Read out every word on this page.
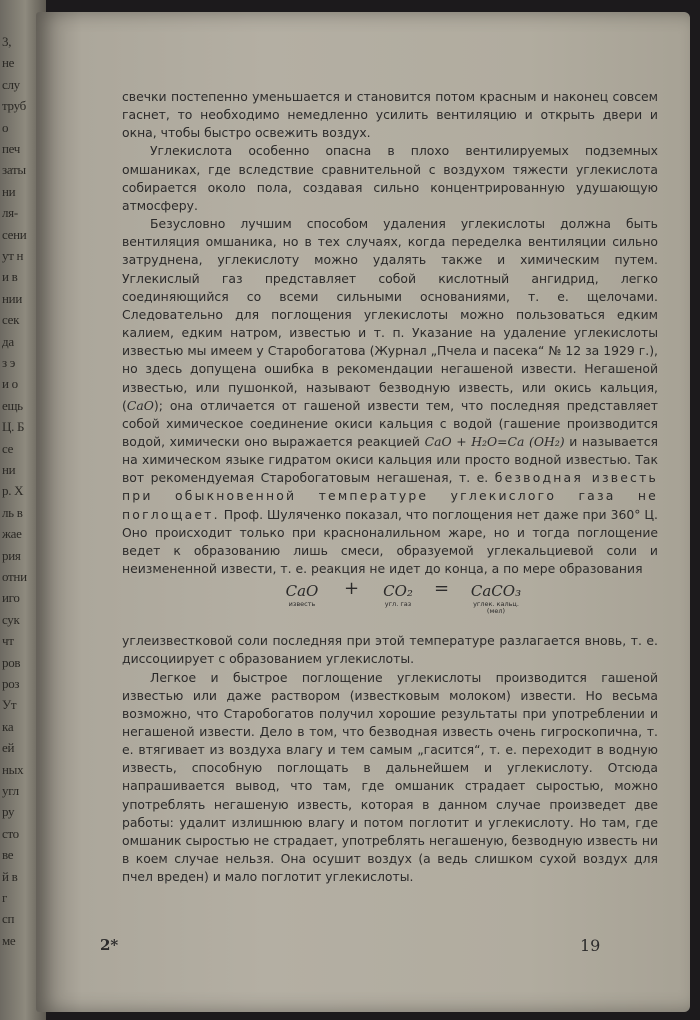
3,
не
слу
труб
о
печ
заты
ни
ля-
сени
ут н
и в
нии
сек
да
з э
и о
ещь
Ц. Б
се
ни
р. Х
ль в
жае
рия
отни
иго
сук
чт
ров
роз
Ут
ка
ей
ных
угл
ру
сто
ве
й в
г
сп
ме

свечки постепенно уменьшается и становится потом красным и наконец совсем гаснет, то необходимо немедленно усилить вентиляцию и открыть двери и окна, чтобы быстро освежить воздух.

Углекислота особенно опасна в плохо вентилируемых подземных омшаниках, где вследствие сравнительной с воздухом тяжести углекислота собирается около пола, создавая сильно концентрированную удушающую атмосферу.

Безусловно лучшим способом удаления углекислоты должна быть вентиляция омшаника, но в тех случаях, когда переделка вентиляции сильно затруднена, углекислоту можно удалять также и химическим путем. Углекислый газ представляет собой кислотный ангидрид, легко соединяющийся со всеми сильными основаниями, т. е. щелочами. Следовательно для поглощения углекислоты можно пользоваться едким калием, едким натром, известью и т. п. Указание на удаление углекислоты известью мы имеем у Старобогатова (Журнал „Пчела и пасека“ № 12 за 1929 г.), но здесь допущена ошибка в рекомендации негашеной извести. Негашеной известью, или пушонкой, называют безводную известь, или окись кальция, (CaO); она отличается от гашеной извести тем, что последняя представляет собой химическое соединение окиси кальция с водой (гашение производится водой, химически оно выражается реакцией CaO + H₂O=Ca (OH₂) и называется на химическом языке гидратом окиси кальция или просто водной известью. Так вот рекомендуемая Старобогатовым негашеная, т. е. безводная известь при обыкновенной температуре углекислого газа не поглощает. Проф. Шуляченко показал, что поглощения нет даже при 360° Ц. Оно происходит только при красноналильном жаре, но и тогда поглощение ведет к образованию лишь смеси, образуемой углекальциевой соли и неизмененной извести, т. е. реакция не идет до конца, а по мере образования

CaO
известь
+	CO₂
угл. газ
=	CaCO₃
углек. кальц.
(мел)

углеизвестковой соли последняя при этой температуре разлагается вновь, т. е. диссоциирует с образованием углекислоты.

Легкое и быстрое поглощение углекислоты производится гашеной известью или даже раствором (известковым молоком) извести. Но весьма возможно, что Старобогатов получил хорошие результаты при употреблении и негашеной извести. Дело в том, что безводная известь очень гигроскопична, т. е. втягивает из воздуха влагу и тем самым „гасится“, т. е. переходит в водную известь, способную поглощать в дальнейшем и углекислоту. Отсюда напрашивается вывод, что там, где омшаник страдает сыростью, можно употреблять негашеную известь, которая в данном случае произведет две работы: удалит излишнюю влагу и потом поглотит и углекислоту. Но там, где омшаник сыростью не страдает, употреблять негашеную, безводную известь ни в коем случае нельзя. Она осушит воздух (а ведь слишком сухой воздух для пчел вреден) и мало поглотит углекислоты.

2*	19
